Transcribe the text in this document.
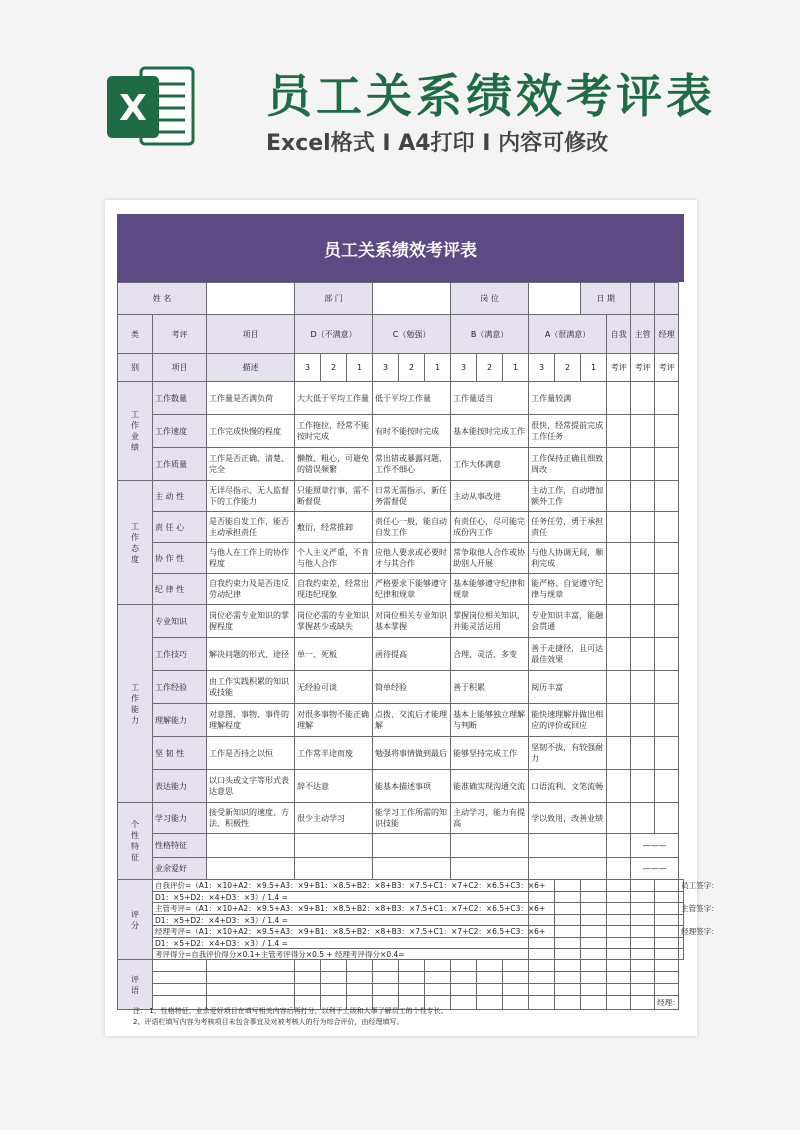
X	员工关系绩效考评表
Excel格式 I A4打印 I 内容可修改
员工关系绩效考评表
姓 名			部 门						岗 位					日 期				
类	考评	项目	D（不满意）			C（勉强）			B（满意）			A（很满意）			自我	主管	经理	
别	项目	描述	3	2	1	3	2	1	3	2	1	3	2	1	考评	考评	考评	
工作业绩	工作数量	工作量是否满负荷	大大低于平均工作量			低于平均工作量			工作量适当			工作量较满						
	工作速度	工作完成快慢的程度	工作拖拉，经常不能按时完成			有时不能按时完成			基本能按时完成工作			很快，经常提前完成工作任务						
	工作质量	工作是否正确、清楚、完全	懒散、粗心，可避免的错误频繁			常出错或暴露问题，工作不细心			工作大体满意			工作保持正确且细致周改						
工作态度	主 动 性	无详尽指示、无人监督下的工作能力	只能照章行事，需不断督促			日常无需指示，新任务需督促			主动从事改进			主动工作，自动增加额外工作						
	责 任 心	是否能自发工作，能否主动承担责任	敷衍，经常推卸			责任心一般，能自动自发工作			有责任心，尽可能完成份内工作			任务任劳，勇于承担责任						
	协 作 性	与他人在工作上的协作程度	个人主义严重，不肯与他人合作			应他人要求或必要时才与其合作			常争取他人合作或协助别人开展			与他人协调无间，顺利完成						
	纪 律 性	自我约束力及是否违反劳动纪律	自我约束差，经常出现违纪现象			严格要求下能够遵守纪律和规章			基本能够遵守纪律和规章			能严格、自觉遵守纪律与规章						
工作能力	专业知识	岗位必需专业知识的掌握程度	岗位必需的专业知识掌握甚少或缺失			对岗位相关专业知识基本掌握			掌握岗位相关知识，并能灵活运用			专业知识丰富，能融会贯通						
	工作技巧	解决问题的形式、途径	单一、死板			函待提高			合理、灵活、多变			善于走捷径，且可达最佳效果						
	工作经验	由工作实践积累的知识或技能	无经验可谈			简单经验			善于积累			阅历丰富						
	理解能力	对意图、事物、事件的理解程度	对很多事物不能正确理解			点拨、交流后才能理解			基本上能够独立理解与判断			能快速理解并做出相应的评价或回应						
	坚 韧 性	工作是否持之以恒	工作常半途而废			勉强将事情做到最后			能够坚持完成工作			坚韧不拔，有较强耐力						
	表达能力	以口头或文字等形式表达意思	辞不达意			能基本描述事项			能准确实现沟通交流			口语流利、文笔流畅						
个性特征	学习能力	接受新知识的速度、方法、积极性	很少主动学习			能学习工作所需的知识技能			主动学习，能力有提高			学以致用，改善业绩						
	性格特征															———		
	业余爱好															———		
评分	自我评价=（A1：×10+A2：×9.5+A3：×9+B1：×8.5+B2：×8+B3：×7.5+C1：×7+C2：×6.5+C3：×6+																	员工签字：
	D1：×5+D2：×4+D3：×3）/ 1.4 =																	
	主管考评=（A1：×10+A2：×9.5+A3：×9+B1：×8.5+B2：×8+B3：×7.5+C1：×7+C2：×6.5+C3：×6+																	主管签字：
	D1：×5+D2：×4+D3：×3）/ 1.4 =																	
	经理考评=（A1：×10+A2：×9.5+A3：×9+B1：×8.5+B2：×8+B3：×7.5+C1：×7+C2：×6.5+C3：×6+																	经理签字：
	D1：×5+D2：×4+D3：×3）/ 1.4 =																	
	考评得分=自我评价得分×0.1+主管考评得分×0.5 + 经理考评得分×0.4=																	
评语																		

																	经理：	
注： 1、性格特征、业余爱好项目在填写相关内容后再打分，以利于上级和人事了解员工的个性专长。
2、评语栏填写内容为考核项目未包含事宜及对被考核人的行为综合评价，由经理填写。
